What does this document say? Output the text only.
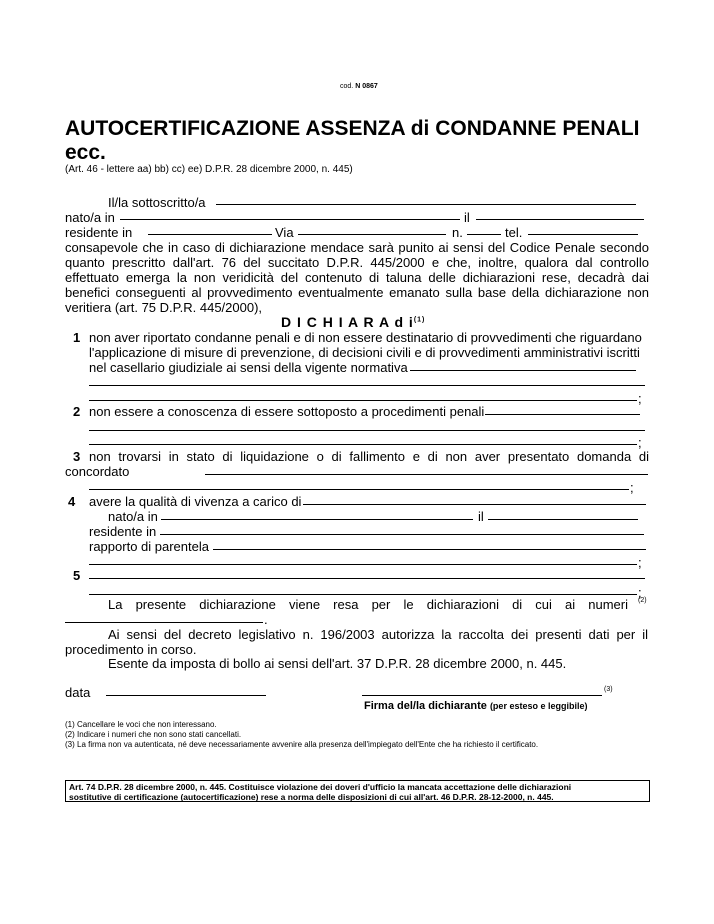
cod. N 0867
AUTOCERTIFICAZIONE ASSENZA di CONDANNE PENALI
ecc.
(Art. 46 - lettere aa) bb) cc) ee) D.P.R. 28 dicembre 2000, n. 445)
Il/la sottoscritto/a
nato/a in	il
residente in	Via	n.	tel.
consapevole che in caso di dichiarazione mendace sarà punito ai sensi del Codice Penale secondo
quanto prescritto dall'art. 76 del succitato D.P.R. 445/2000 e che, inoltre, qualora dal controllo
effettuato emerga la non veridicità del contenuto di taluna delle dichiarazioni rese, decadrà dai
benefici conseguenti al provvedimento eventualmente emanato sulla base della dichiarazione non
veritiera (art. 75 D.P.R. 445/2000),
D I C H I A R A d $i^{(1)}$
1 non aver riportato condanne penali e di non essere destinatario di provvedimenti che riguardano
l'applicazione di misure di prevenzione, di decisioni civili e di provvedimenti amministrativi iscritti
nel casellario giudiziale ai sensi della vigente normativa
;
2 non essere a conoscenza di essere sottoposto a procedimenti penali
;
3 non trovarsi in stato di liquidazione o di fallimento e di non aver presentato domanda di
concordato
;
4 avere la qualità di vivenza a carico di
nato/a in	il
residente in
rapporto di parentela
;
5
;
La presente dichiarazione viene resa per le dichiarazioni di cui ai numeri (2)
.
Ai sensi del decreto legislativo n. 196/2003 autorizza la raccolta dei presenti dati per il
procedimento in corso.
Esente da imposta di bollo ai sensi dell'art. 37 D.P.R. 28 dicembre 2000, n. 445.
data	(3)
Firma del/la dichiarante (per esteso e leggibile)
(1) Cancellare le voci che non interessano.
(2) Indicare i numeri che non sono stati cancellati.
(3) La firma non va autenticata, né deve necessariamente avvenire alla presenza dell'impiegato dell'Ente che ha richiesto il certificato.
Art. 74 D.P.R. 28 dicembre 2000, n. 445. Costituisce violazione dei doveri d'ufficio la mancata accettazione delle dichiarazioni
sostitutive di certificazione (autocertificazione) rese a norma delle disposizioni di cui all'art. 46 D.P.R. 28-12-2000, n. 445.
